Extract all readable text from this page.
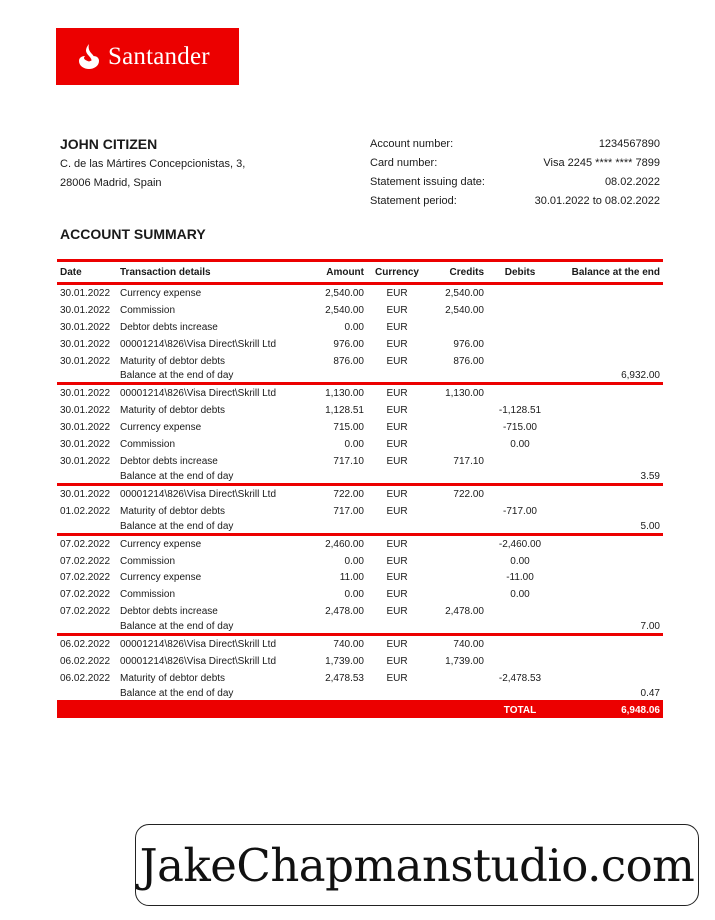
Santander
JOHN CITIZEN
C. de las Mártires Concepcionistas, 3,
28006 Madrid, Spain
Account number:	1234567890
Card number:	Visa 2245 **** **** 7899
Statement issuing date:	08.02.2022
Statement period:	30.01.2022 to 08.02.2022
ACCOUNT SUMMARY
Date	Transaction details	Amount	Currency	Credits	Debits	Balance at the end
30.01.2022	Currency expense	2,540.00	EUR	2,540.00		
30.01.2022	Commission	2,540.00	EUR	2,540.00		
30.01.2022	Debtor debts increase	0.00	EUR			
30.01.2022	00001214\826\Visa Direct\Skrill Ltd	976.00	EUR	976.00		
30.01.2022	Maturity of debtor debts	876.00	EUR	876.00		
	Balance at the end of day					6,932.00
30.01.2022	00001214\826\Visa Direct\Skrill Ltd	1,130.00	EUR	1,130.00		
30.01.2022	Maturity of debtor debts	1,128.51	EUR		-1,128.51	
30.01.2022	Currency expense	715.00	EUR		-715.00	
30.01.2022	Commission	0.00	EUR		0.00	
30.01.2022	Debtor debts increase	717.10	EUR	717.10		
	Balance at the end of day					3.59
30.01.2022	00001214\826\Visa Direct\Skrill Ltd	722.00	EUR	722.00		
01.02.2022	Maturity of debtor debts	717.00	EUR		-717.00	
	Balance at the end of day					5.00
07.02.2022	Currency expense	2,460.00	EUR		-2,460.00	
07.02.2022	Commission	0.00	EUR		0.00	
07.02.2022	Currency expense	11.00	EUR		-11.00	
07.02.2022	Commission	0.00	EUR		0.00	
07.02.2022	Debtor debts increase	2,478.00	EUR	2,478.00		
	Balance at the end of day					7.00
06.02.2022	00001214\826\Visa Direct\Skrill Ltd	740.00	EUR	740.00		
06.02.2022	00001214\826\Visa Direct\Skrill Ltd	1,739.00	EUR	1,739.00		
06.02.2022	Maturity of debtor debts	2,478.53	EUR		-2,478.53	
	Balance at the end of day					0.47
					TOTAL	6,948.06
JakeChapmanstudio.com
